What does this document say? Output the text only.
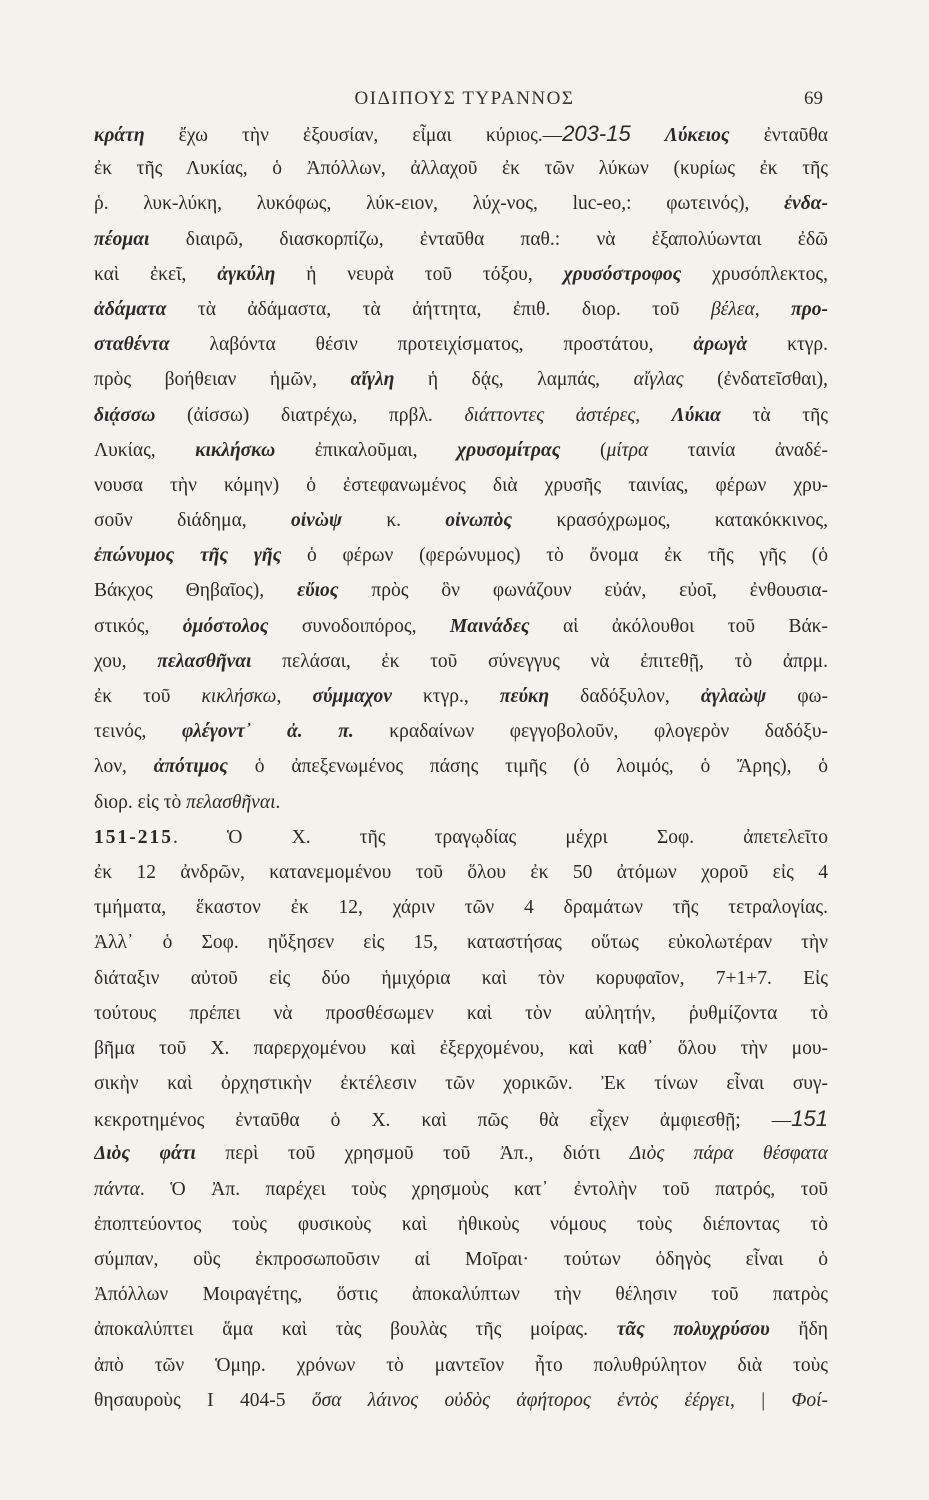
ΟΙΔΙΠΟΥΣ ΤΥΡΑΝΝΟΣ	69
κράτη ἔχω τὴν ἐξουσίαν, εἶμαι κύριος.—203-15 Λύκειος ἐνταῦθα
ἐκ τῆς Λυκίας, ὁ Ἀπόλλων, ἀλλαχοῦ ἐκ τῶν λύκων (κυρίως ἐκ τῆς
ῥ. λυκ-λύκη, λυκόφως, λύκ-ειον, λύχ-νος, luc-eo,: φωτεινός), ἐνδα-
πέομαι διαιρῶ, διασκορπίζω, ἐνταῦθα παθ.: νὰ ἐξαπολύωνται ἐδῶ
καὶ ἐκεῖ, ἀγκύλη ἡ νευρὰ τοῦ τόξου, χρυσόστροφος χρυσόπλεκτος,
ἀδάματα τὰ ἀδάμαστα, τὰ ἀήττητα, ἐπιθ. διορ. τοῦ βέλεα, προ-
σταθέντα λαβόντα θέσιν προτειχίσματος, προστάτου, ἀρωγὰ κτγρ.
πρὸς βοήθειαν ἡμῶν, αἴγλη ἡ δᾴς, λαμπάς, αἴγλας (ἐνδατεῖσθαι),
διᾴσσω (ἀίσσω) διατρέχω, πρβλ. διάττοντες ἀστέρες, Λύκια τὰ τῆς
Λυκίας, κικλήσκω ἐπικαλοῦμαι, χρυσομίτρας (μίτρα ταινία ἀναδέ-
νουσα τὴν κόμην) ὁ ἐστεφανωμένος διὰ χρυσῆς ταινίας, φέρων χρυ-
σοῦν διάδημα, οἰνὼψ κ. οἰνωπὸς κρασόχρωμος, κατακόκκινος,
ἐπώνυμος τῆς γῆς ὁ φέρων (φερώνυμος) τὸ ὄνομα ἐκ τῆς γῆς (ὁ
Βάκχος Θηβαῖος), εὔιος πρὸς ὃν φωνάζουν εὐάν, εὐοῖ, ἐνθουσια-
στικός, ὁμόστολος συνοδοιπόρος, Μαινάδες αἱ ἀκόλουθοι τοῦ Βάκ-
χου, πελασθῆναι πελάσαι, ἐκ τοῦ σύνεγγυς νὰ ἐπιτεθῇ, τὸ ἀπρμ.
ἐκ τοῦ κικλήσκω, σύμμαχον κτγρ., πεύκη δαδόξυλον, ἀγλαὼψ φω-
τεινός, φλέγοντ᾽ ἀ. π. κραδαίνων φεγγοβολοῦν, φλογερὸν δαδόξυ-
λον, ἀπότιμος ὁ ἀπεξενωμένος πάσης τιμῆς (ὁ λοιμός, ὁ Ἄρης), ὁ
διορ. εἰς τὸ πελασθῆναι.
151-215. Ὁ Χ. τῆς τραγῳδίας μέχρι Σοφ. ἀπετελεῖτο
ἐκ 12 ἀνδρῶν, κατανεμομένου τοῦ ὅλου ἐκ 50 ἀτόμων χοροῦ εἰς 4
τμήματα, ἕκαστον ἐκ 12, χάριν τῶν 4 δραμάτων τῆς τετραλογίας.
Ἀλλ᾽ ὁ Σοφ. ηὔξησεν εἰς 15, καταστήσας οὕτως εὐκολωτέραν τὴν
διάταξιν αὐτοῦ εἰς δύο ἡμιχόρια καὶ τὸν κορυφαῖον, 7+1+7. Εἰς
τούτους πρέπει νὰ προσθέσωμεν καὶ τὸν αὐλητήν, ῥυθμίζοντα τὸ
βῆμα τοῦ Χ. παρερχομένου καὶ ἐξερχομένου, καὶ καθ᾽ ὅλου τὴν μου-
σικὴν καὶ ὀρχηστικὴν ἐκτέλεσιν τῶν χορικῶν. Ἐκ τίνων εἶναι συγ-
κεκροτημένος ἐνταῦθα ὁ Χ. καὶ πῶς θὰ εἶχεν ἀμφιεσθῇ; —151
Διὸς φάτι περὶ τοῦ χρησμοῦ τοῦ Ἀπ., διότι Διὸς πάρα θέσφατα
πάντα. Ὁ Ἀπ. παρέχει τοὺς χρησμοὺς κατ᾽ ἐντολὴν τοῦ πατρός, τοῦ
ἐποπτεύοντος τοὺς φυσικοὺς καὶ ἠθικοὺς νόμους τοὺς διέποντας τὸ
σύμπαν, οὓς ἐκπροσωποῦσιν αἱ Μοῖραι· τούτων ὁδηγὸς εἶναι ὁ
Ἀπόλλων Μοιραγέτης, ὅστις ἀποκαλύπτων τὴν θέλησιν τοῦ πατρὸς
ἀποκαλύπτει ἅμα καὶ τὰς βουλὰς τῆς μοίρας. τᾶς πολυχρύσου ἤδη
ἀπὸ τῶν Ὁμηρ. χρόνων τὸ μαντεῖον ἦτο πολυθρύλητον διὰ τοὺς
θησαυροὺς Ι 404-5 ὅσα λάινος οὐδὸς ἀφήτορος ἐντὸς ἐέργει, | Φοί-
